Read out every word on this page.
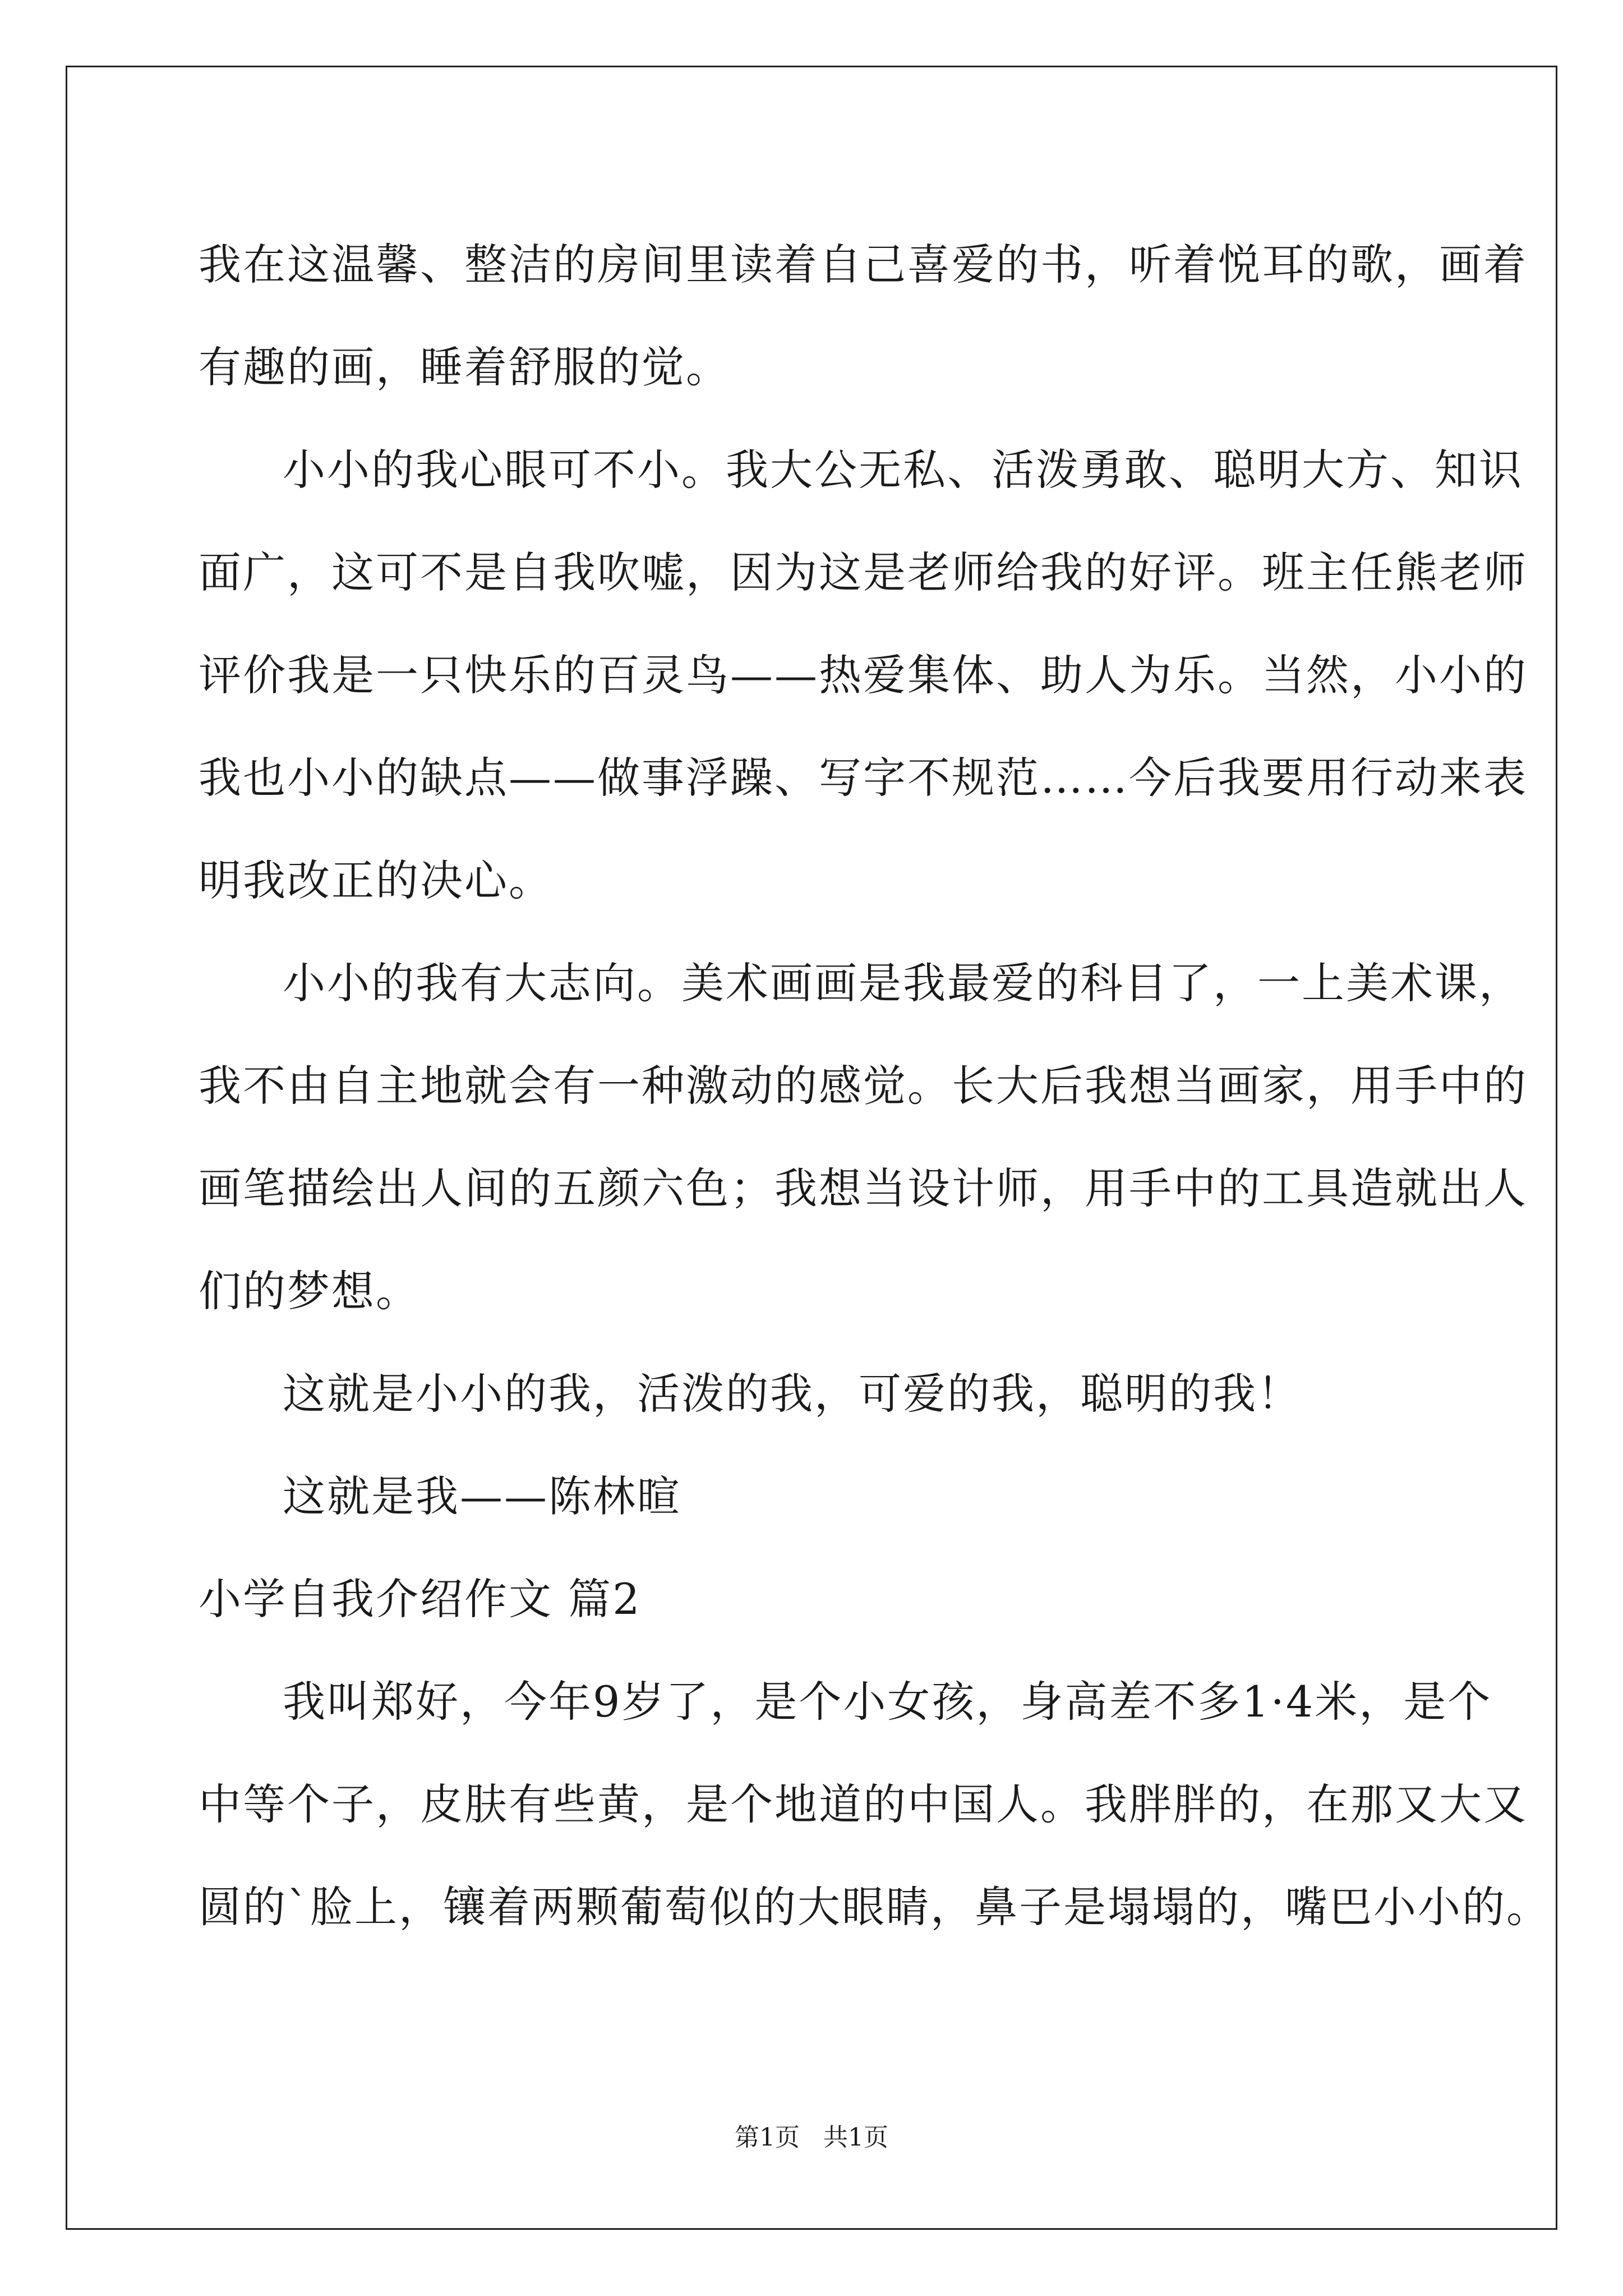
我在这温馨、整洁的房间里读着自己喜爱的书，听着悦耳的歌，画着
有趣的画，睡着舒服的觉。
小小的我心眼可不小。我大公无私、活泼勇敢、聪明大方、知识
面广，这可不是自我吹嘘，因为这是老师给我的好评。班主任熊老师
评价我是一只快乐的百灵鸟——热爱集体、助人为乐。当然，小小的
我也小小的缺点——做事浮躁、写字不规范……今后我要用行动来表
明我改正的决心。
小小的我有大志向。美术画画是我最爱的科目了，一上美术课，
我不由自主地就会有一种激动的感觉。长大后我想当画家，用手中的
画笔描绘出人间的五颜六色；我想当设计师，用手中的工具造就出人
们的梦想。
这就是小小的我，活泼的我，可爱的我，聪明的我！
这就是我——陈林暄
小学自我介绍作文 篇2
我叫郑好，今年9岁了，是个小女孩，身高差不多1·4米，是个
中等个子，皮肤有些黄，是个地道的中国人。我胖胖的，在那又大又
圆的`脸上，镶着两颗葡萄似的大眼睛，鼻子是塌塌的，嘴巴小小的。
第1页   共1页
